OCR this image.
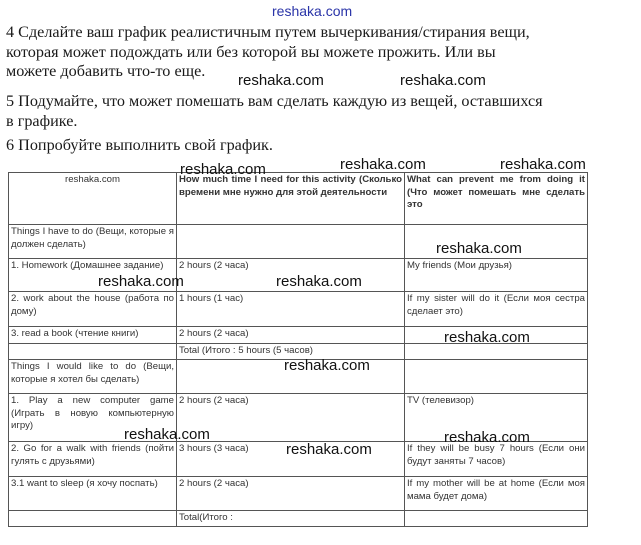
reshaka.com
4 Сделайте ваш график реалистичным путем вычеркивания/стирания вещи,
которая может подождать или без которой вы можете прожить. Или вы
можете добавить что-то еще.
5 Подумайте, что может помешать вам сделать каждую из вещей, оставшихся
в графике.
6 Попробуйте выполнить свой график.
reshaka.com	How much time I need for this activity (Сколько времени мне нужно для этой деятельности	What can prevent me from doing it (Что может помешать мне сделать это
Things I have to do (Вещи, которые я должен сделать)		
1. Homework (Домашнее задание)	2 hours (2 часа)	My friends (Мои друзья)
2. work about the house (работа по дому)	1 hours (1 час)	If my sister will do it (Если моя сестра сделает это)
3. read a book (чтение книги)	2 hours (2 часа)	
	Total (Итого : 5 hours (5 часов)	
Things I would like to do (Вещи, которые я хотел бы сделать)		
1. Play a new computer game (Играть в новую компьютерную игру)	2 hours (2 часа)	TV (телевизор)
2. Go for a walk with friends (пойти гулять с друзьями)	3 hours (3 часа)	If they will be busy 7 hours (Если они будут заняты 7 часов)
3.1 want to sleep (я хочу поспать)	2 hours (2 часа)	If my mother will be at home (Если моя мама будет дома)
	Total(Итого :	
reshaka.com	reshaka.com
reshaka.com	reshaka.com	reshaka.com
reshaka.com
reshaka.com	reshaka.com
reshaka.com
reshaka.com
reshaka.com
reshaka.com
reshaka.com
